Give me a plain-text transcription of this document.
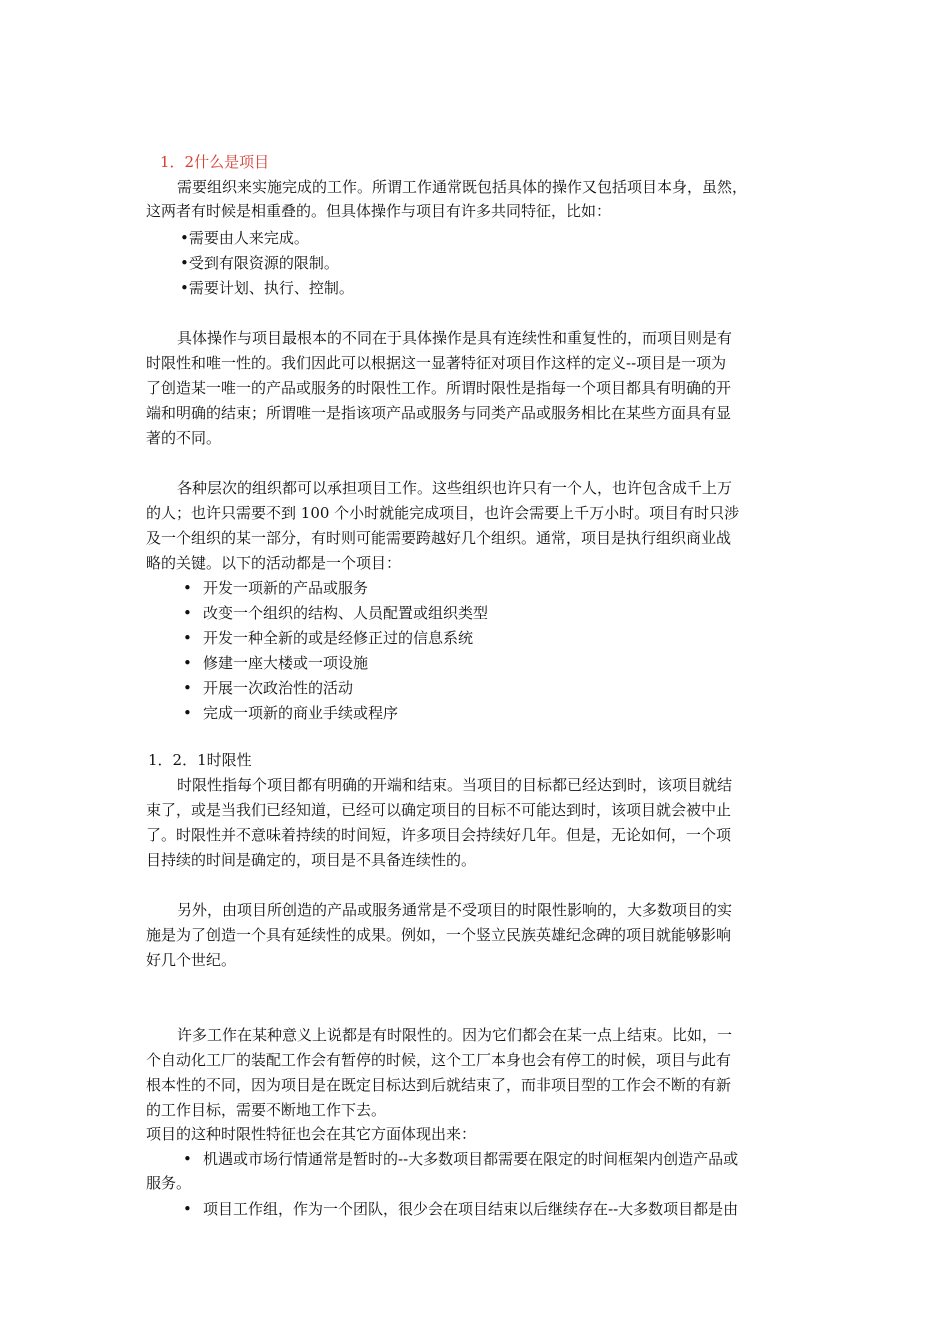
1．2什么是项目
需要组织来实施完成的工作。所谓工作通常既包括具体的操作又包括项目本身，虽然，
这两者有时候是相重叠的。但具体操作与项目有许多共同特征，比如：
•需要由人来完成。
•受到有限资源的限制。
•需要计划、执行、控制。
具体操作与项目最根本的不同在于具体操作是具有连续性和重复性的，而项目则是有
时限性和唯一性的。我们因此可以根据这一显著特征对项目作这样的定义--项目是一项为
了创造某一唯一的产品或服务的时限性工作。所谓时限性是指每一个项目都具有明确的开
端和明确的结束；所谓唯一是指该项产品或服务与同类产品或服务相比在某些方面具有显
著的不同。
各种层次的组织都可以承担项目工作。这些组织也许只有一个人，也许包含成千上万
的人；也许只需要不到 100 个小时就能完成项目，也许会需要上千万小时。项目有时只涉
及一个组织的某一部分，有时则可能需要跨越好几个组织。通常，项目是执行组织商业战
略的关键。以下的活动都是一个项目：
• 开发一项新的产品或服务
• 改变一个组织的结构、人员配置或组织类型
• 开发一种全新的或是经修正过的信息系统
• 修建一座大楼或一项设施
• 开展一次政治性的活动
• 完成一项新的商业手续或程序
1．2．1时限性
时限性指每个项目都有明确的开端和结束。当项目的目标都已经达到时，该项目就结
束了，或是当我们已经知道，已经可以确定项目的目标不可能达到时，该项目就会被中止
了。时限性并不意味着持续的时间短，许多项目会持续好几年。但是，无论如何，一个项
目持续的时间是确定的，项目是不具备连续性的。
另外，由项目所创造的产品或服务通常是不受项目的时限性影响的，大多数项目的实
施是为了创造一个具有延续性的成果。例如，一个竖立民族英雄纪念碑的项目就能够影响
好几个世纪。
许多工作在某种意义上说都是有时限性的。因为它们都会在某一点上结束。比如，一
个自动化工厂的装配工作会有暂停的时候，这个工厂本身也会有停工的时候，项目与此有
根本性的不同，因为项目是在既定目标达到后就结束了，而非项目型的工作会不断的有新
的工作目标，需要不断地工作下去。
项目的这种时限性特征也会在其它方面体现出来：
• 机遇或市场行情通常是暂时的--大多数项目都需要在限定的时间框架内创造产品或
服务。
• 项目工作组，作为一个团队，很少会在项目结束以后继续存在--大多数项目都是由
